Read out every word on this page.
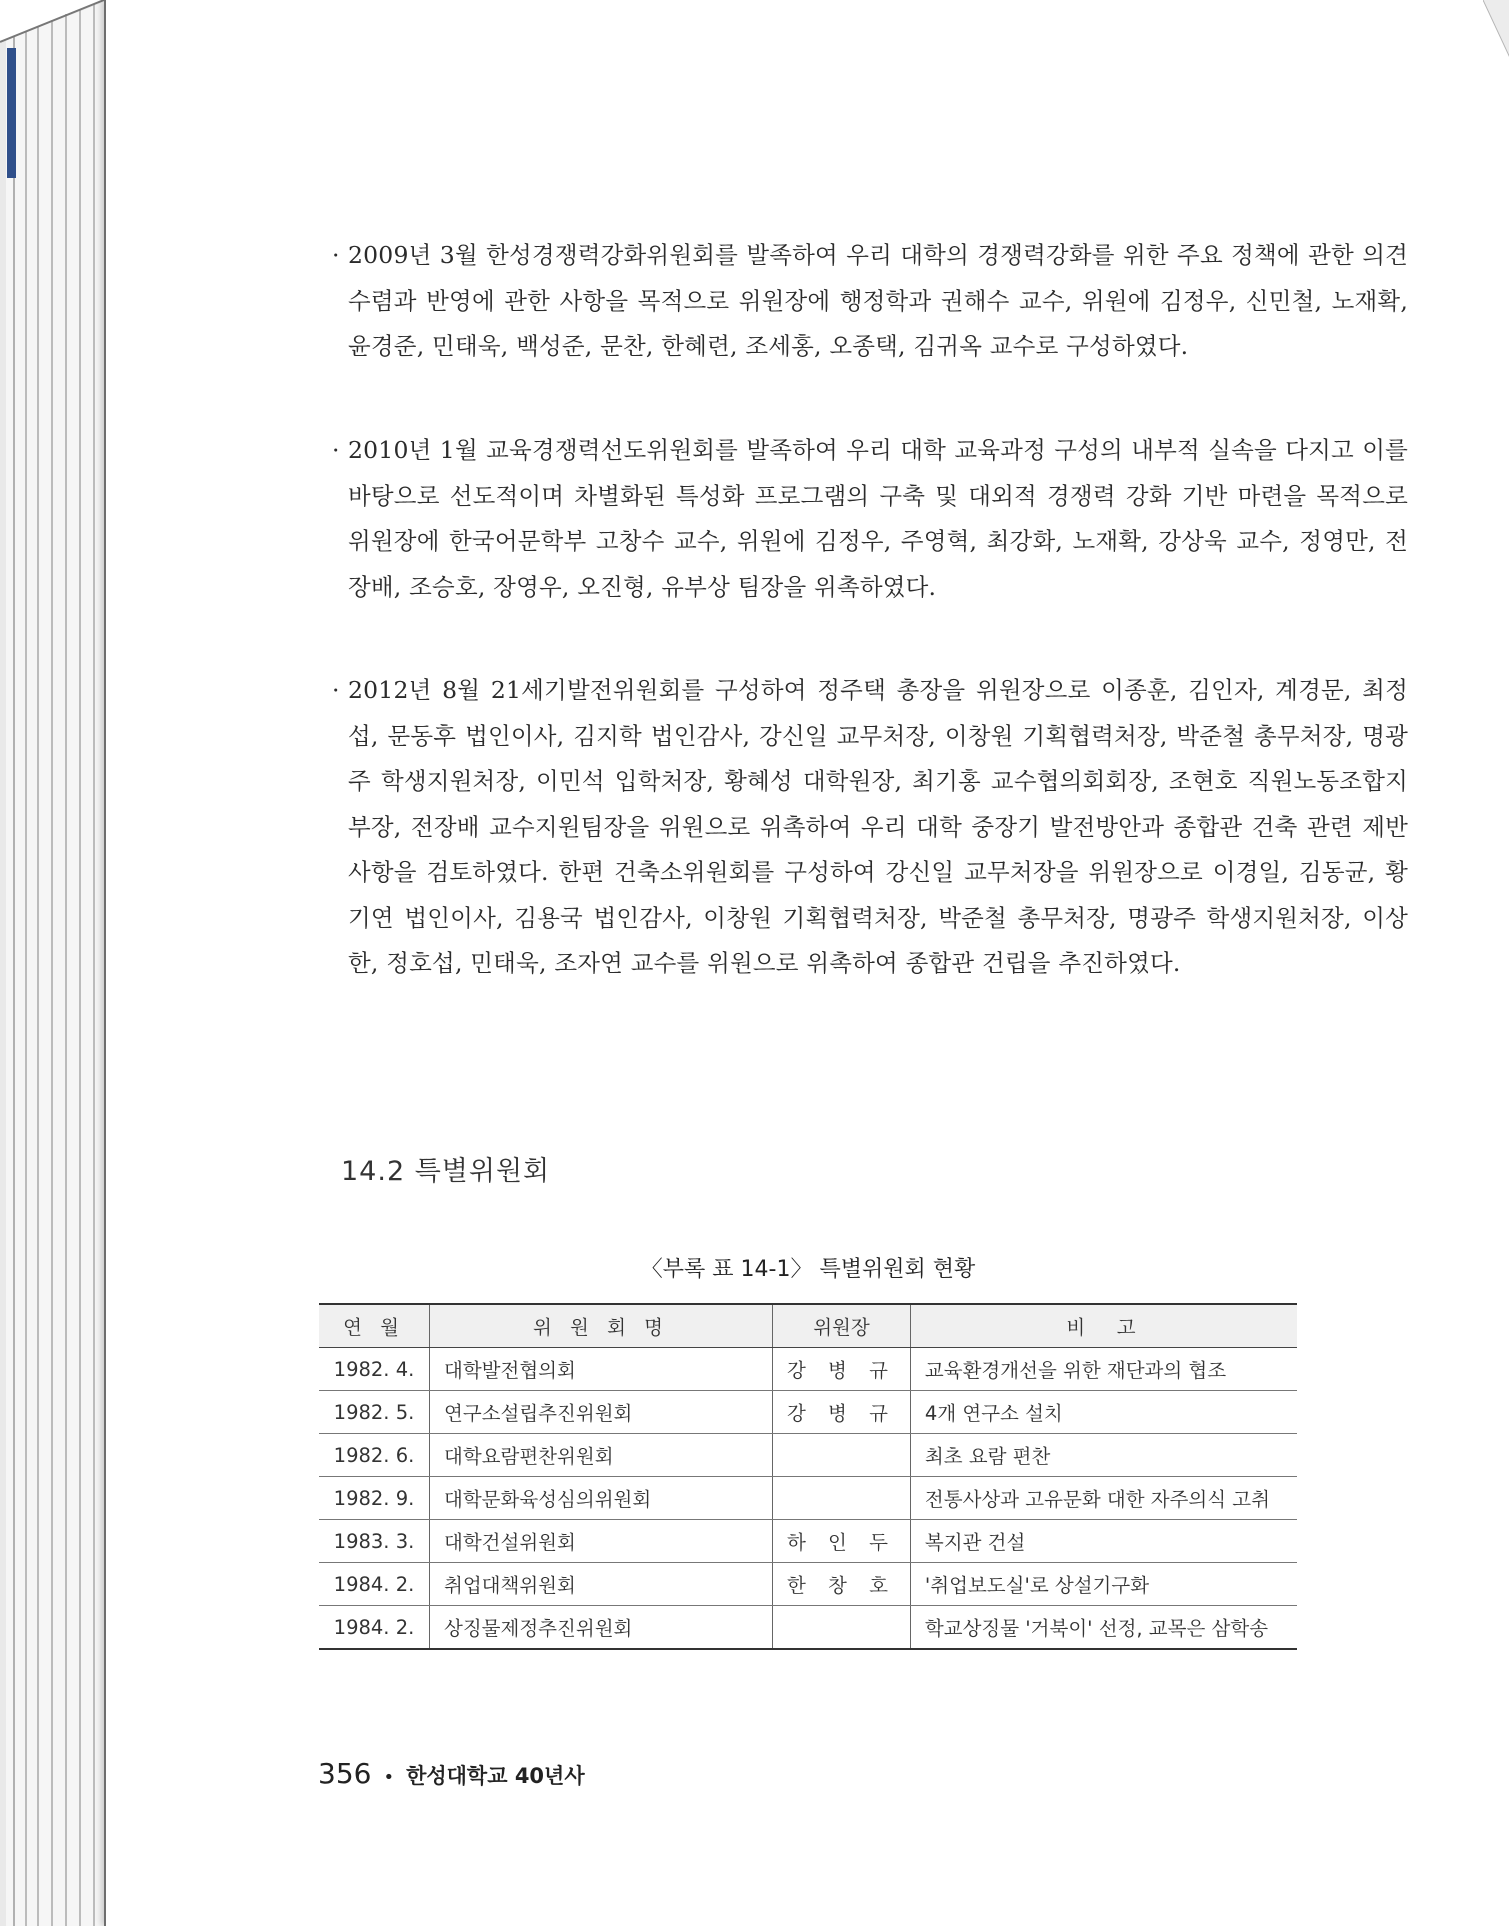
· 2009년 3월 한성경쟁력강화위원회를 발족하여 우리 대학의 경쟁력강화를 위한 주요 정책에 관한 의견 수렴과 반영에 관한 사항을 목적으로 위원장에 행정학과 권해수 교수, 위원에 김정우, 신민철, 노재확, 윤경준, 민태욱, 백성준, 문찬, 한혜련, 조세홍, 오종택, 김귀옥 교수로 구성하였다.

· 2010년 1월 교육경쟁력선도위원회를 발족하여 우리 대학 교육과정 구성의 내부적 실속을 다지고 이를 바탕으로 선도적이며 차별화된 특성화 프로그램의 구축 및 대외적 경쟁력 강화 기반 마련을 목적으로 위원장에 한국어문학부 고창수 교수, 위원에 김정우, 주영혁, 최강화, 노재확, 강상욱 교수, 정영만, 전장배, 조승호, 장영우, 오진형, 유부상 팀장을 위촉하였다.

· 2012년 8월 21세기발전위원회를 구성하여 정주택 총장을 위원장으로 이종훈, 김인자, 계경문, 최정섭, 문동후 법인이사, 김지학 법인감사, 강신일 교무처장, 이창원 기획협력처장, 박준철 총무처장, 명광주 학생지원처장, 이민석 입학처장, 황혜성 대학원장, 최기홍 교수협의회회장, 조현호 직원노동조합지부장, 전장배 교수지원팀장을 위원으로 위촉하여 우리 대학 중장기 발전방안과 종합관 건축 관련 제반 사항을 검토하였다. 한편 건축소위원회를 구성하여 강신일 교무처장을 위원장으로 이경일, 김동균, 황기연 법인이사, 김용국 법인감사, 이창원 기획협력처장, 박준철 총무처장, 명광주 학생지원처장, 이상한, 정호섭, 민태욱, 조자연 교수를 위원으로 위촉하여 종합관 건립을 추진하였다.

14.2 특별위원회
〈부록 표 14-1〉 특별위원회 현황
연 월	위 원 회 명	위원장	비　고
1982. 4.	대학발전협의회	강 병 규	교육환경개선을 위한 재단과의 협조
1982. 5.	연구소설립추진위원회	강 병 규	4개 연구소 설치
1982. 6.	대학요람편찬위원회		최초 요람 편찬
1982. 9.	대학문화육성심의위원회		전통사상과 고유문화 대한 자주의식 고취
1983. 3.	대학건설위원회	하 인 두	복지관 건설
1984. 2.	취업대책위원회	한 창 호	'취업보도실'로 상설기구화
1984. 2.	상징물제정추진위원회		학교상징물 '거북이' 선정, 교목은 삼학송
356 • 한성대학교 40년사
